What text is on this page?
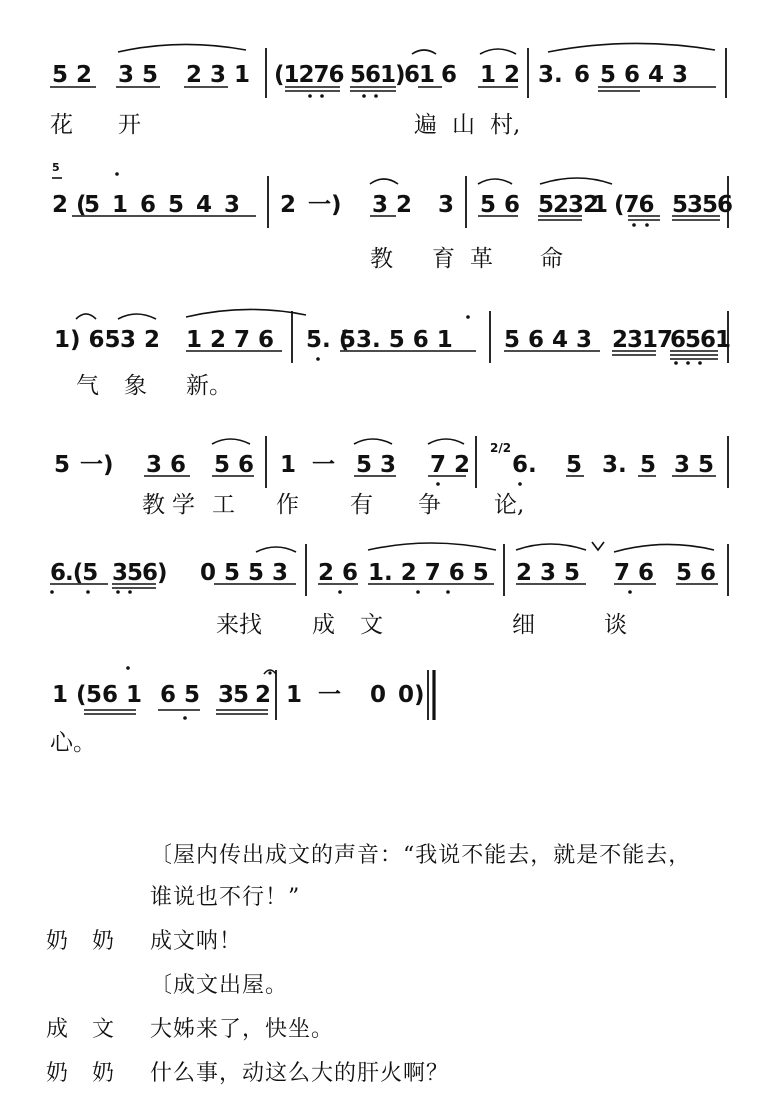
5 2 3 5 2 3 1 (1276 561) 61 6 1 2 3. 6 5 6 4 3
花 开	遍 山 村,
5
2 (
5 1 6 5 4 3 2 一) 3 2 3 5 6 5232
1 (76 5356
教 育 革 命
1) 65 3 2 1 2 7 6 5. (
53. 5 6 1 5 6 4 3 2317
6561
气 象 新。
2/2
5 一) 3 6 5 6 1 一 5 3 7 2 6. 5 3. 5 3 5
教 学 工 作 有 争 论,
6.(5 356) 0 5 5 3 2 6 1. 2 7 6 5 2 3 5 7 6 5 6
来找 成 文	细	谈
1 ( 56 1 6 5 35 2 1 一 0 0)
心。
〔屋内传出成文的声音：“我说不能去，就是不能去，
谁说也不行！”
奶　奶 成文呐！
〔成文出屋。
成　文 大姊来了，快坐。
奶　奶 什么事，动这么大的肝火啊？
